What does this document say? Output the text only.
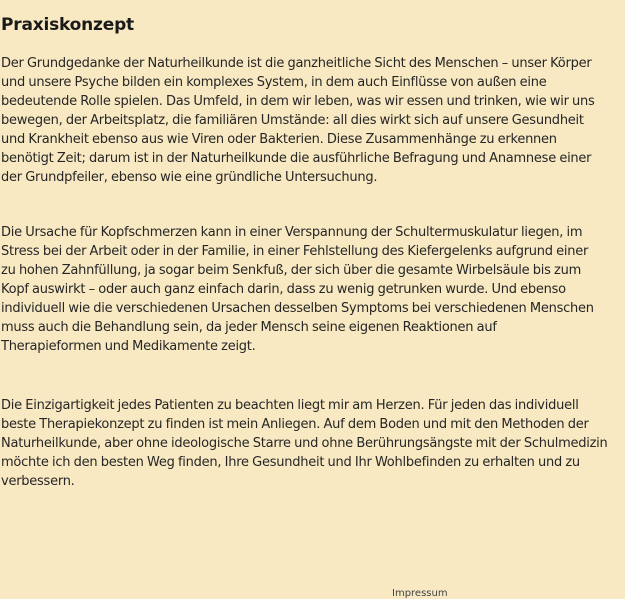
Praxiskonzept

Der Grundgedanke der Naturheilkunde ist die ganzheitliche Sicht des Menschen – unser Körper
und unsere Psyche bilden ein komplexes System, in dem auch Einflüsse von außen eine
bedeutende Rolle spielen. Das Umfeld, in dem wir leben, was wir essen und trinken, wie wir uns
bewegen, der Arbeitsplatz, die familiären Umstände: all dies wirkt sich auf unsere Gesundheit
und Krankheit ebenso aus wie Viren oder Bakterien. Diese Zusammenhänge zu erkennen
benötigt Zeit; darum ist in der Naturheilkunde die ausführliche Befragung und Anamnese einer
der Grundpfeiler, ebenso wie eine gründliche Untersuchung.

Die Ursache für Kopfschmerzen kann in einer Verspannung der Schultermuskulatur liegen, im
Stress bei der Arbeit oder in der Familie, in einer Fehlstellung des Kiefergelenks aufgrund einer
zu hohen Zahnfüllung, ja sogar beim Senkfuß, der sich über die gesamte Wirbelsäule bis zum
Kopf auswirkt – oder auch ganz einfach darin, dass zu wenig getrunken wurde. Und ebenso
individuell wie die verschiedenen Ursachen desselben Symptoms bei verschiedenen Menschen
muss auch die Behandlung sein, da jeder Mensch seine eigenen Reaktionen auf
Therapieformen und Medikamente zeigt.

Die Einzigartigkeit jedes Patienten zu beachten liegt mir am Herzen. Für jeden das individuell
beste Therapiekonzept zu finden ist mein Anliegen. Auf dem Boden und mit den Methoden der
Naturheilkunde, aber ohne ideologische Starre und ohne Berührungsängste mit der Schulmedizin
möchte ich den besten Weg finden, Ihre Gesundheit und Ihr Wohlbefinden zu erhalten und zu
verbessern.

Impressum
